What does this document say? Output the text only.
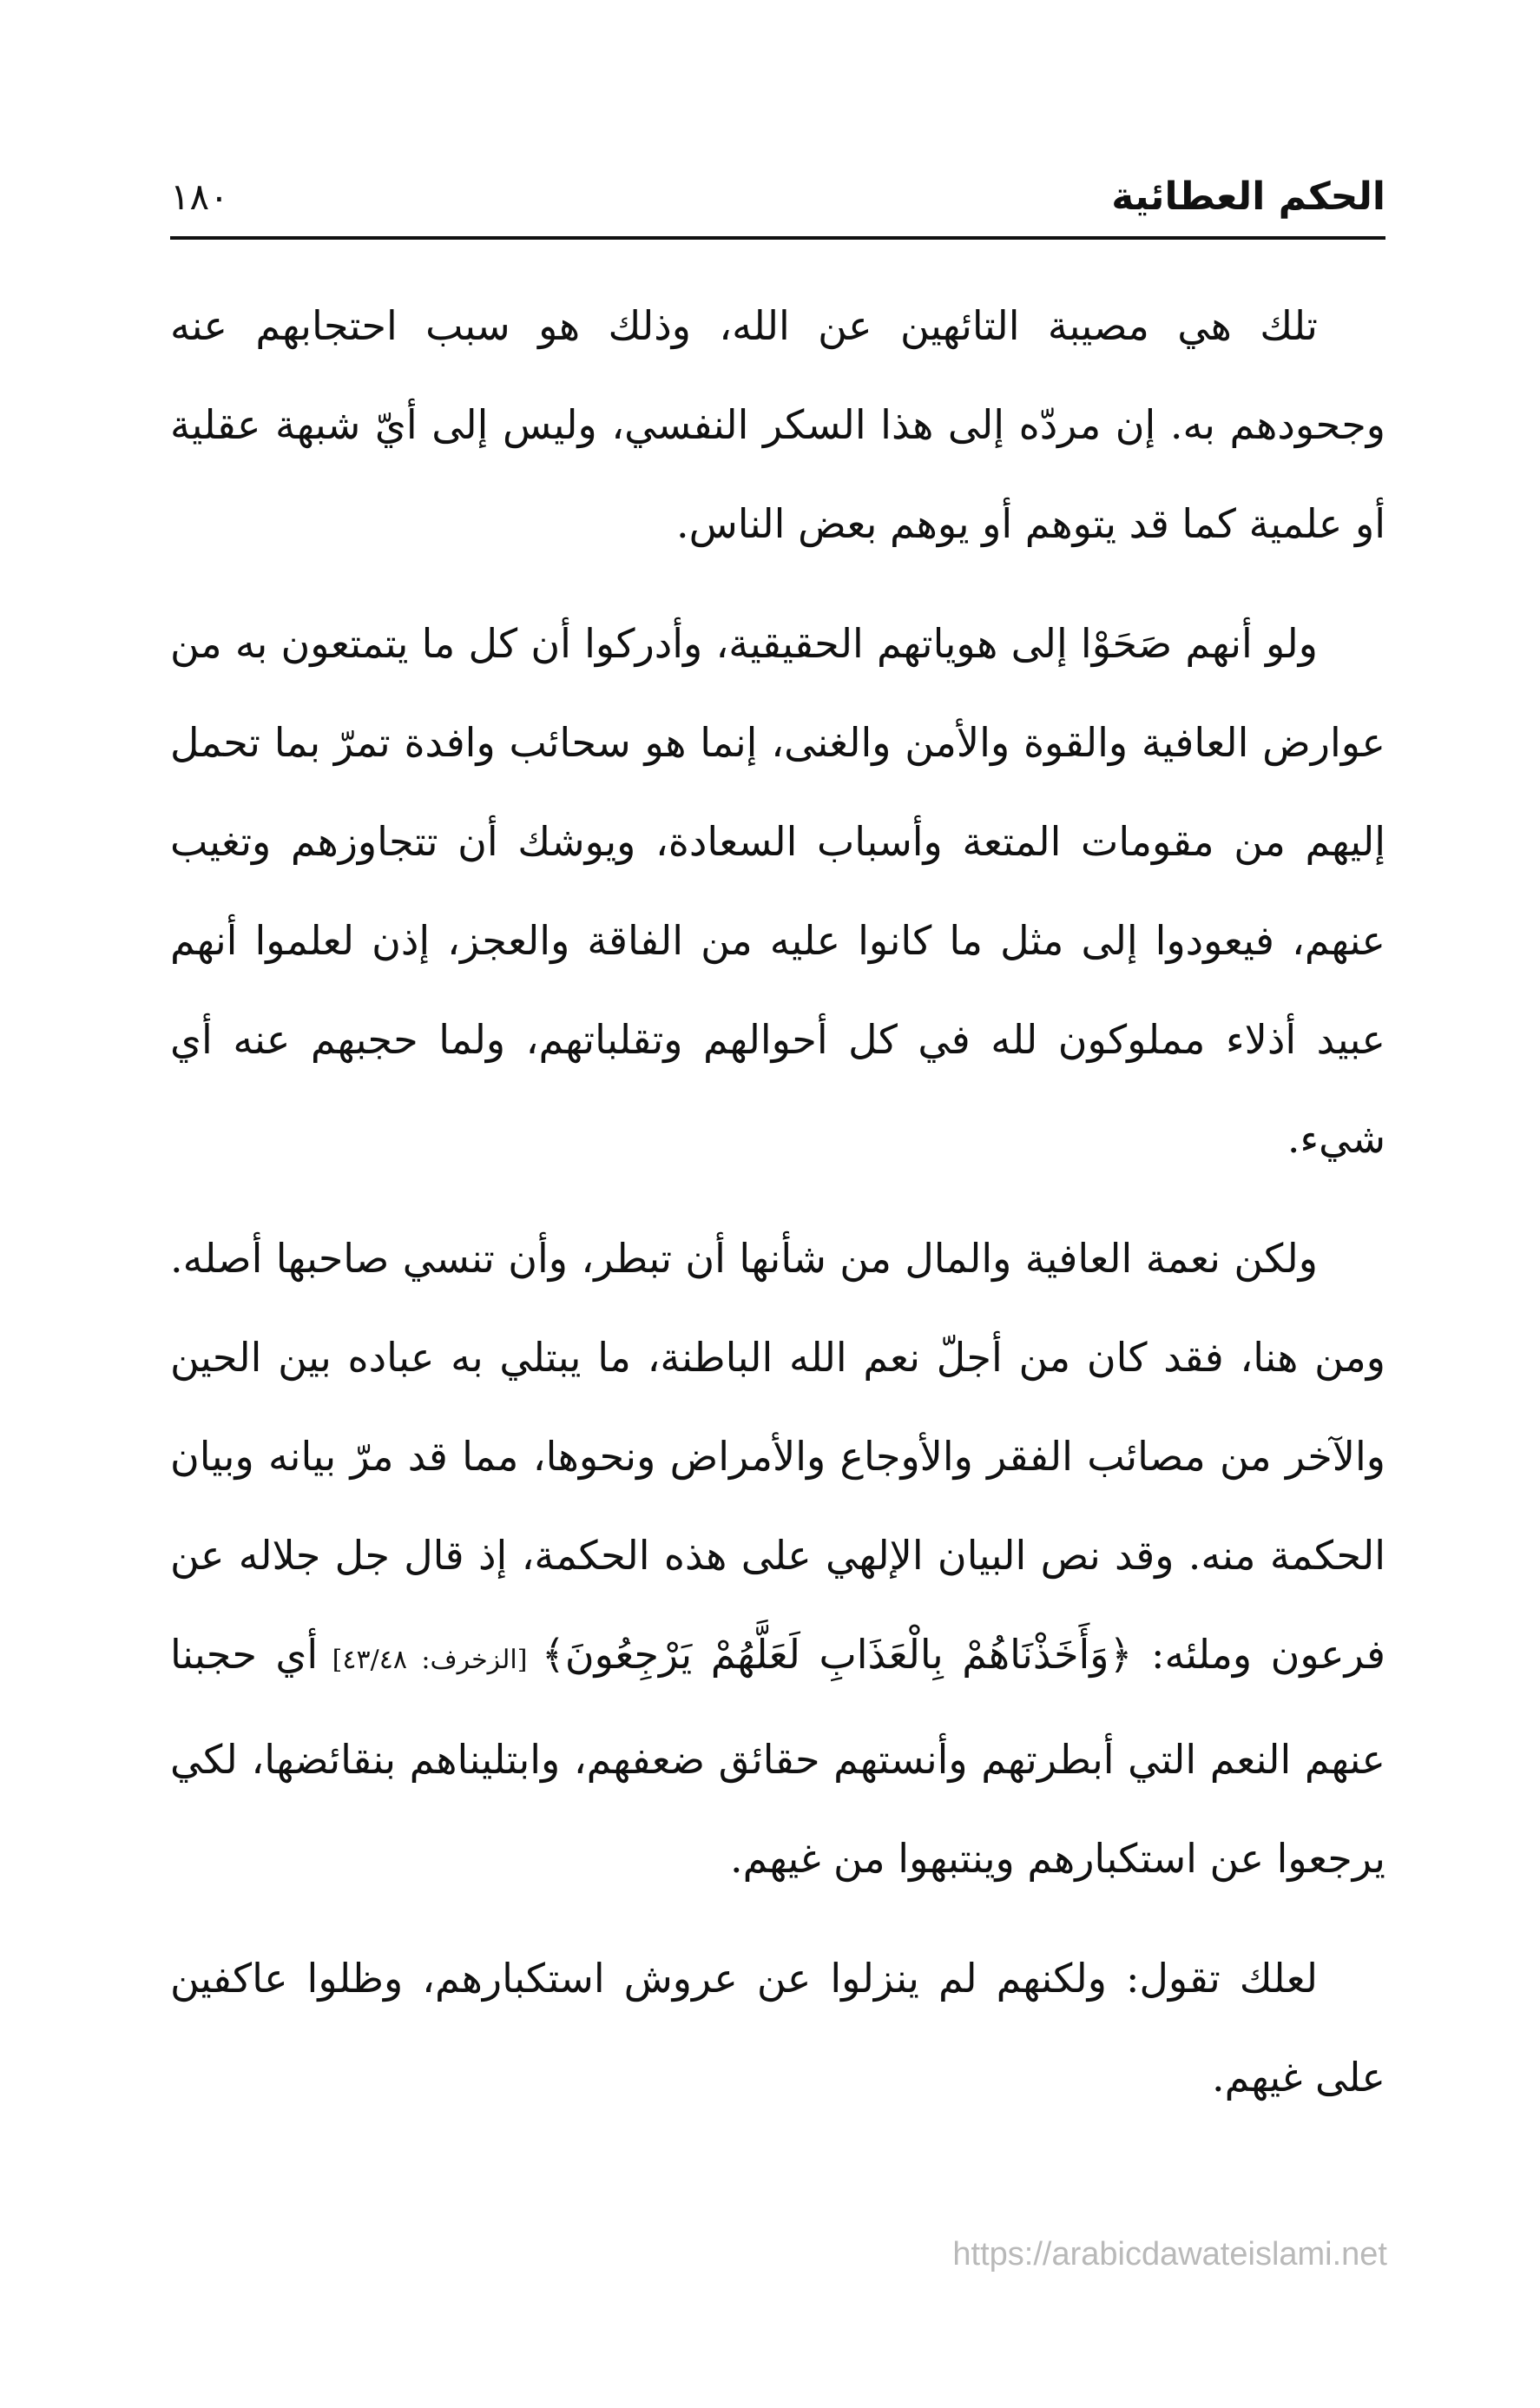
الحكم العطائية
١٨٠

تلك هي مصيبة التائهين عن الله، وذلك هو سبب احتجابهم عنه وجحودهم به. إن مردّه إلى هذا السكر النفسي، وليس إلى أيّ شبهة عقلية أو علمية كما قد يتوهم أو يوهم بعض الناس.

ولو أنهم صَحَوْا إلى هوياتهم الحقيقية، وأدركوا أن كل ما يتمتعون به من عوارض العافية والقوة والأمن والغنى، إنما هو سحائب وافدة تمرّ بما تحمل إليهم من مقومات المتعة وأسباب السعادة، ويوشك أن تتجاوزهم وتغيب عنهم، فيعودوا إلى مثل ما كانوا عليه من الفاقة والعجز، إذن لعلموا أنهم عبيد أذلاء مملوكون لله في كل أحوالهم وتقلباتهم، ولما حجبهم عنه أي شيء.

ولكن نعمة العافية والمال من شأنها أن تبطر، وأن تنسي صاحبها أصله. ومن هنا، فقد كان من أجلّ نعم الله الباطنة، ما يبتلي به عباده بين الحين والآخر من مصائب الفقر والأوجاع والأمراض ونحوها، مما قد مرّ بيانه وبيان الحكمة منه. وقد نص البيان الإلهي على هذه الحكمة، إذ قال جل جلاله عن فرعون وملئه: ﴿وَأَخَذْنَاهُمْ بِالْعَذَابِ لَعَلَّهُمْ يَرْجِعُونَ﴾ [الزخرف: ٤٣/٤٨] أي حجبنا عنهم النعم التي أبطرتهم وأنستهم حقائق ضعفهم، وابتليناهم بنقائضها، لكي يرجعوا عن استكبارهم وينتبهوا من غيهم.

لعلك تقول: ولكنهم لم ينزلوا عن عروش استكبارهم، وظلوا عاكفين على غيهم.

https://arabicdawateislami.net
